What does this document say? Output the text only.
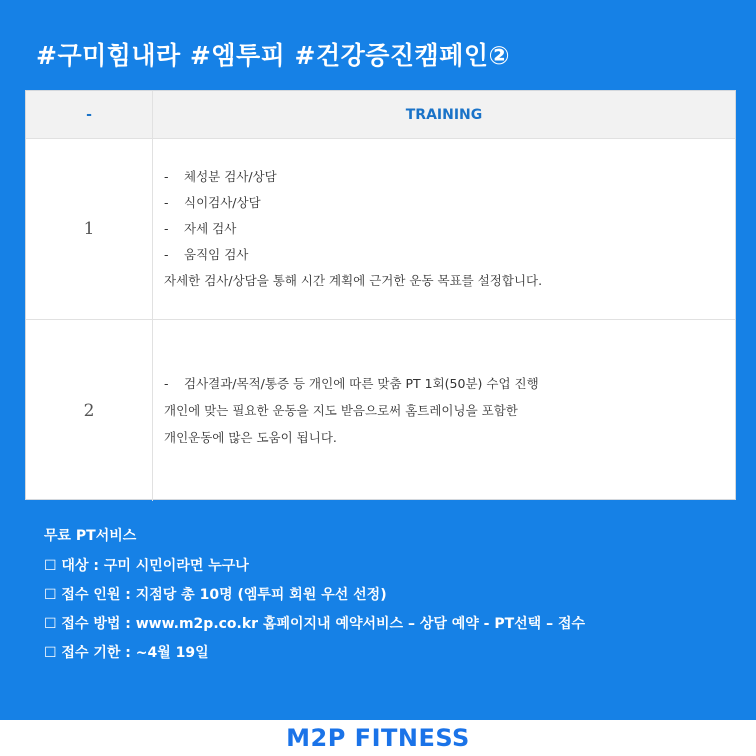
#구미힘내라 #엠투피 #건강증진캠페인②
-	TRAINING
1
- 체성분 검사/상담
- 식이검사/상담
- 자세 검사
- 움직임 검사
자세한 검사/상담을 통해 시간 계획에 근거한 운동 목표를 설정합니다.
2
- 검사결과/목적/통증 등 개인에 따른 맞춤 PT 1회(50분) 수업 진행
개인에 맞는 필요한 운동을 지도 받음으로써 홈트레이닝을 포함한
개인운동에 많은 도움이 됩니다.
무료 PT서비스
☐ 대상 : 구미 시민이라면 누구나
☐ 접수 인원 : 지점당 총 10명 (엠투피 회원 우선 선정)
☐ 접수 방법 : www.m2p.co.kr 홈페이지내 예약서비스 – 상담 예약 - PT선택 – 접수
☐ 접수 기한 : ~4월 19일
M2P FITNESS
